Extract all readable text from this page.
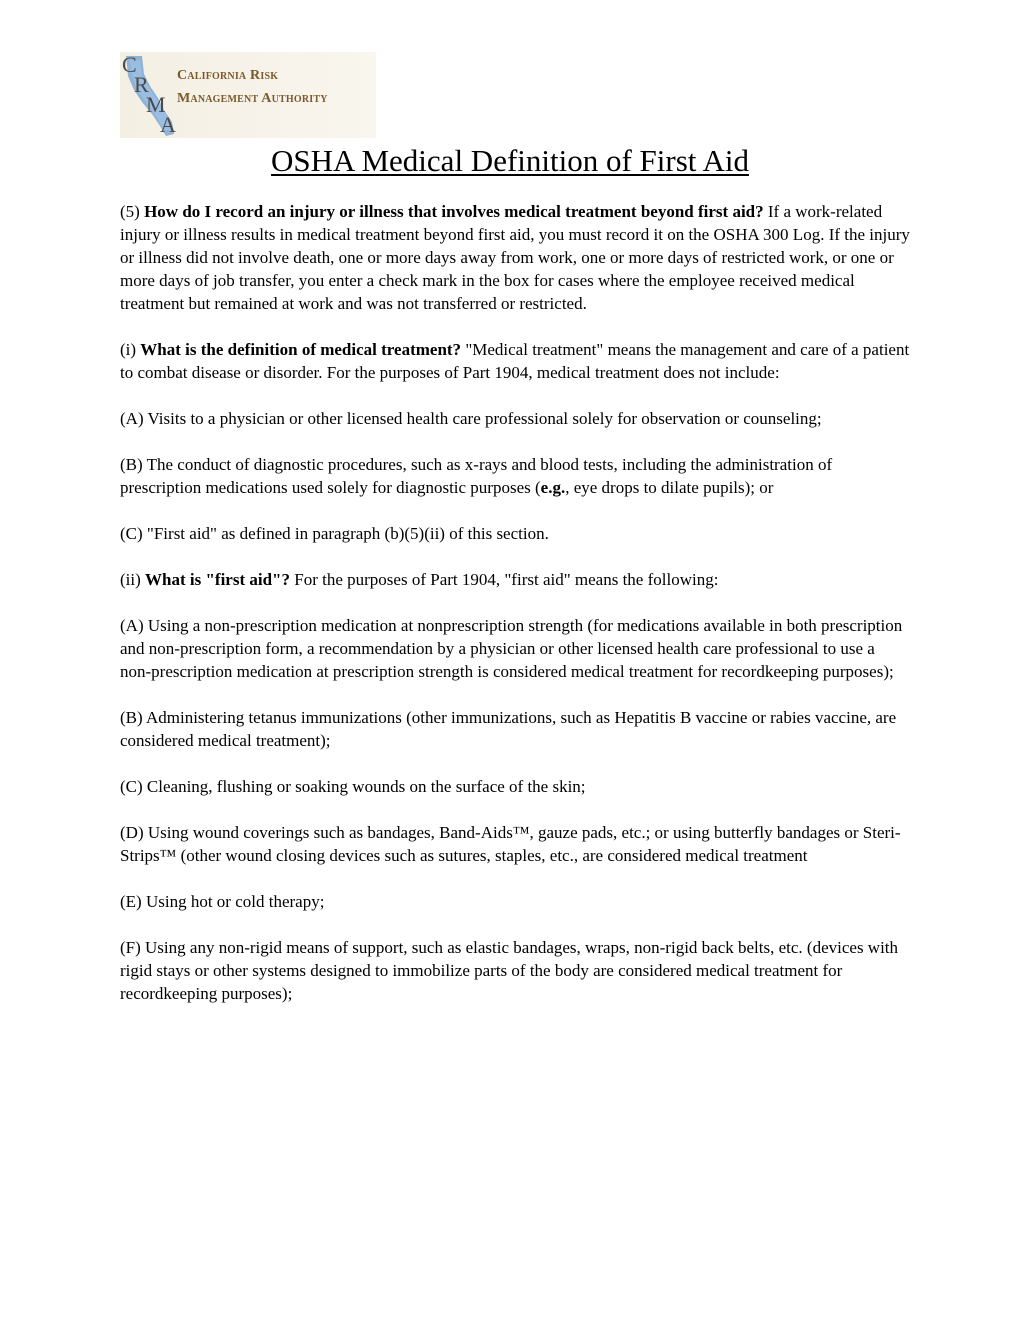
C
R
M
A
California Risk
Management Authority
OSHA Medical Definition of First Aid

(5) How do I record an injury or illness that involves medical treatment beyond first aid? If a work-related injury or illness results in medical treatment beyond first aid, you must record it on the OSHA 300 Log. If the injury or illness did not involve death, one or more days away from work, one or more days of restricted work, or one or more days of job transfer, you enter a check mark in the box for cases where the employee received medical treatment but remained at work and was not transferred or restricted.

(i) What is the definition of medical treatment? "Medical treatment" means the management and care of a patient to combat disease or disorder. For the purposes of Part 1904, medical treatment does not include:

(A) Visits to a physician or other licensed health care professional solely for observation or counseling;

(B) The conduct of diagnostic procedures, such as x-rays and blood tests, including the administration of prescription medications used solely for diagnostic purposes (e.g., eye drops to dilate pupils); or

(C) "First aid" as defined in paragraph (b)(5)(ii) of this section.

(ii) What is "first aid"? For the purposes of Part 1904, "first aid" means the following:

(A) Using a non-prescription medication at nonprescription strength (for medications available in both prescription and non-prescription form, a recommendation by a physician or other licensed health care professional to use a non-prescription medication at prescription strength is considered medical treatment for recordkeeping purposes);

(B) Administering tetanus immunizations (other immunizations, such as Hepatitis B vaccine or rabies vaccine, are considered medical treatment);

(C) Cleaning, flushing or soaking wounds on the surface of the skin;

(D) Using wound coverings such as bandages, Band-Aids™, gauze pads, etc.; or using butterfly bandages or Steri-Strips™ (other wound closing devices such as sutures, staples, etc., are considered medical treatment

(E) Using hot or cold therapy;

(F) Using any non-rigid means of support, such as elastic bandages, wraps, non-rigid back belts, etc. (devices with rigid stays or other systems designed to immobilize parts of the body are considered medical treatment for recordkeeping purposes);
